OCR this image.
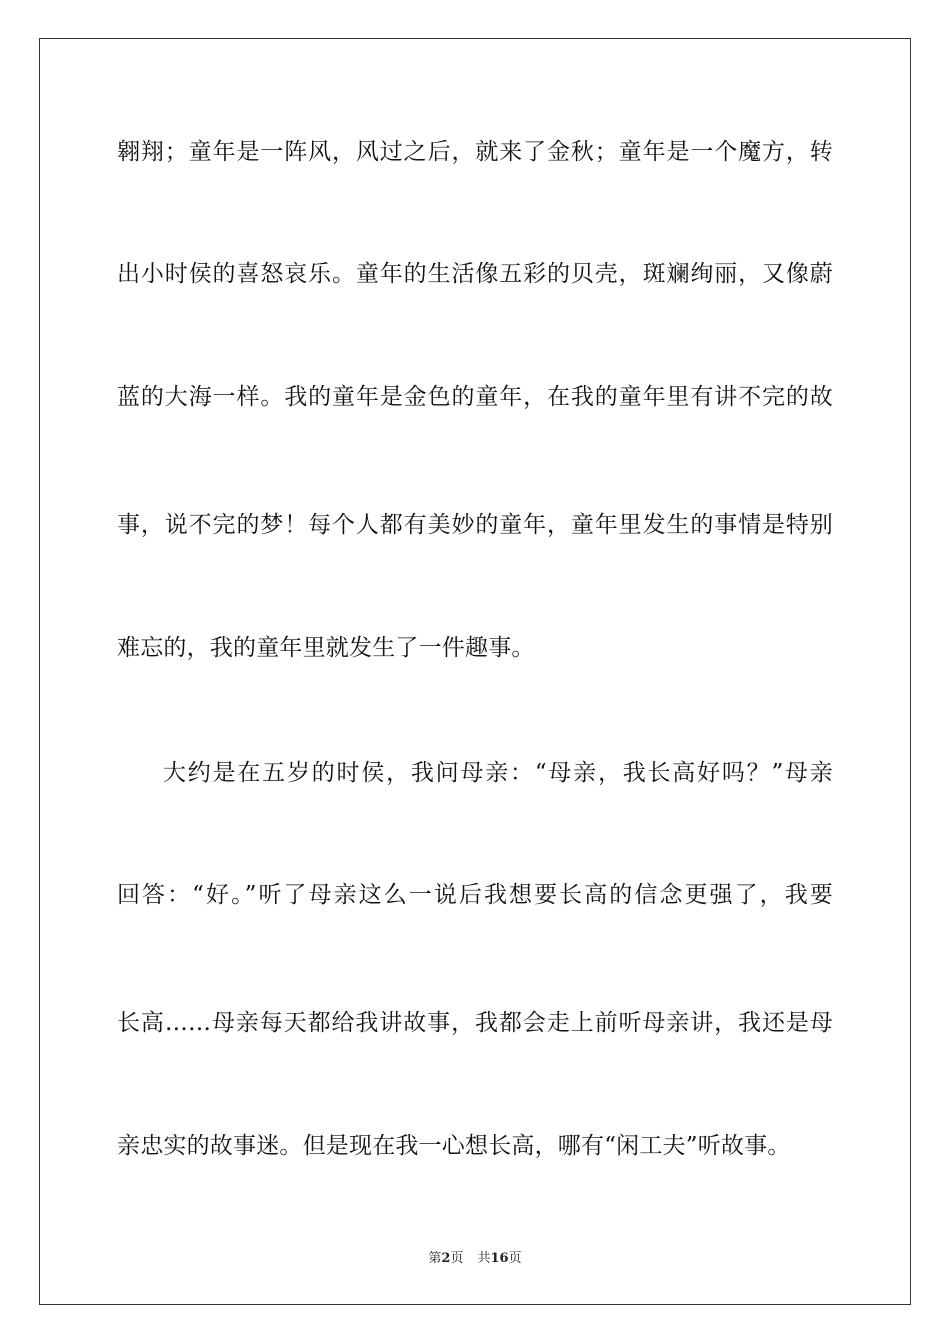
翱翔；童年是一阵风，风过之后，就来了金秋；童年是一个魔方，转
出小时侯的喜怒哀乐。童年的生活像五彩的贝壳，斑斓绚丽，又像蔚
蓝的大海一样。我的童年是金色的童年，在我的童年里有讲不完的故
事，说不完的梦！每个人都有美妙的童年，童年里发生的事情是特别
难忘的，我的童年里就发生了一件趣事。
大约是在五岁的时侯，我问母亲：“母亲，我长高好吗？”母亲
回答：“好。”听了母亲这么一说后我想要长高的信念更强了，我要
长高……母亲每天都给我讲故事，我都会走上前听母亲讲，我还是母
亲忠实的故事迷。但是现在我一心想长高，哪有“闲工夫”听故事。
第2页 共16页
